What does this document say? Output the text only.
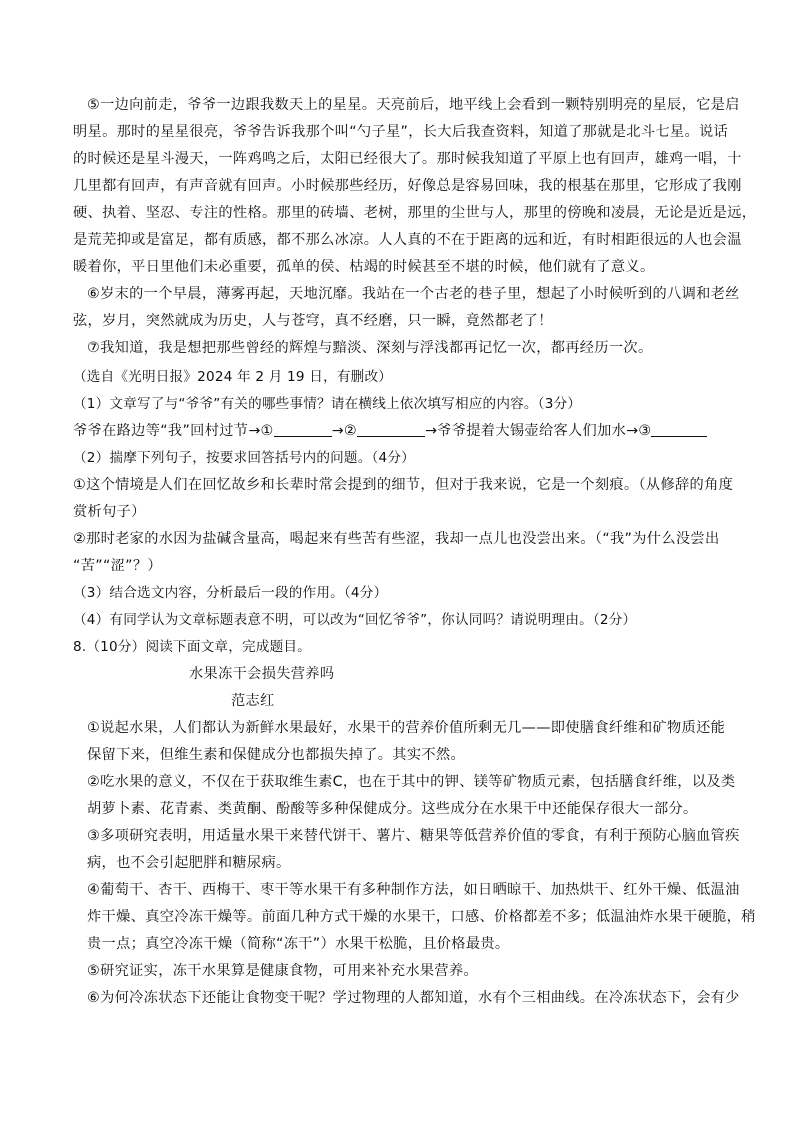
⑤一边向前走，爷爷一边跟我数天上的星星。天亮前后，地平线上会看到一颗特别明亮的星辰，它是启
明星。那时的星星很亮，爷爷告诉我那个叫“勺子星”，长大后我查资料，知道了那就是北斗七星。说话
的时候还是星斗漫天，一阵鸡鸣之后，太阳已经很大了。那时候我知道了平原上也有回声，雄鸡一唱，十
几里都有回声，有声音就有回声。小时候那些经历，好像总是容易回味，我的根基在那里，它形成了我刚
硬、执着、坚忍、专注的性格。那里的砖墙、老树，那里的尘世与人，那里的傍晚和凌晨，无论是近是远，
是荒芜抑或是富足，都有质感，都不那么冰凉。人人真的不在于距离的远和近，有时相距很远的人也会温
暖着你，平日里他们未必重要，孤单的侯、枯竭的时候甚至不堪的时候，他们就有了意义。
⑥岁末的一个早晨，薄雾再起，天地沉靡。我站在一个古老的巷子里，想起了小时候听到的八调和老丝
弦，岁月，突然就成为历史，人与苍穹，真不经磨，只一瞬，竟然都老了！
⑦我知道，我是想把那些曾经的辉煌与黯淡、深刻与浮浅都再记忆一次，都再经历一次。
（选自《光明日报》2024 年 2 月 19 日，有删改）
（1）文章写了与“爷爷”有关的哪些事情？请在横线上依次填写相应的内容。（3分）
爷爷在路边等“我”回村过节→①	→②	→爷爷提着大锡壶给客人们加水→③
（2）揣摩下列句子，按要求回答括号内的问题。（4分）
①这个情境是人们在回忆故乡和长辈时常会提到的细节，但对于我来说，它是一个刻痕。（从修辞的角度
赏析句子）
②那时老家的水因为盐碱含量高，喝起来有些苦有些涩，我却一点儿也没尝出来。（“我”为什么没尝出
“苦”“涩”？）
（3）结合选文内容，分析最后一段的作用。（4分）
（4）有同学认为文章标题表意不明，可以改为“回忆爷爷”，你认同吗？请说明理由。（2分）
8.（10分）阅读下面文章，完成题目。
水果冻干会损失营养吗
范志红
①说起水果，人们都认为新鲜水果最好，水果干的营养价值所剩无几——即使膳食纤维和矿物质还能
保留下来，但维生素和保健成分也都损失掉了。其实不然。
②吃水果的意义，不仅在于获取维生素C，也在于其中的钾、镁等矿物质元素，包括膳食纤维，以及类
胡萝卜素、花青素、类黄酮、酚酸等多种保健成分。这些成分在水果干中还能保存很大一部分。
③多项研究表明，用适量水果干来替代饼干、薯片、糖果等低营养价值的零食，有利于预防心脑血管疾
病，也不会引起肥胖和糖尿病。
④葡萄干、杏干、西梅干、枣干等水果干有多种制作方法，如日晒晾干、加热烘干、红外干燥、低温油
炸干燥、真空冷冻干燥等。前面几种方式干燥的水果干，口感、价格都差不多；低温油炸水果干硬脆，稍
贵一点；真空冷冻干燥（简称“冻干”）水果干松脆，且价格最贵。
⑤研究证实，冻干水果算是健康食物，可用来补充水果营养。
⑥为何冷冻状态下还能让食物变干呢？学过物理的人都知道，水有个三相曲线。在冷冻状态下，会有少
